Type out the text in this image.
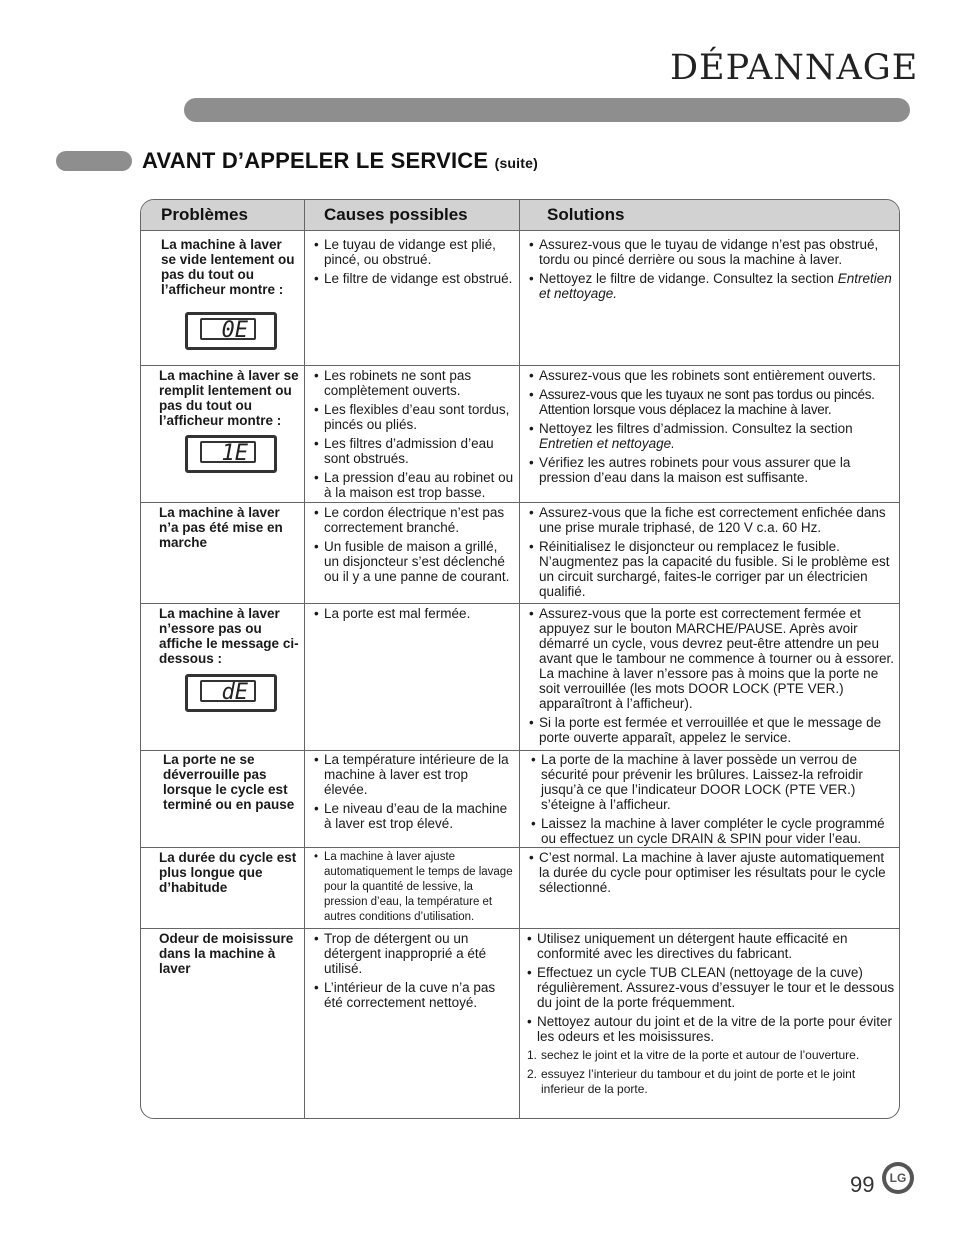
DÉPANNAGE
AVANT D’APPELER LE SERVICE (suite)
Problèmes	Causes possibles	Solutions
La machine à laver se vide lentement ou pas du tout ou l’afficheur montre :
0E
• Le tuyau de vidange est plié, pincé, ou obstrué.
• Le filtre de vidange est obstrué.
• Assurez-vous que le tuyau de vidange n’est pas obstrué, tordu ou pincé derrière ou sous la machine à laver.
• Nettoyez le filtre de vidange. Consultez la section Entretien et nettoyage.
La machine à laver se remplit lentement ou pas du tout ou l’afficheur montre :
1E
• Les robinets ne sont pas complètement ouverts.
• Les flexibles d’eau sont tordus, pincés ou pliés.
• Les filtres d’admission d’eau sont obstrués.
• La pression d’eau au robinet ou à la maison est trop basse.
• Assurez-vous que les robinets sont entièrement ouverts.
• Assurez-vous que les tuyaux ne sont pas tordus ou pincés. Attention lorsque vous déplacez la machine à laver.
• Nettoyez les filtres d’admission. Consultez la section Entretien et nettoyage.
• Vérifiez les autres robinets pour vous assurer que la pression d’eau dans la maison est suffisante.
La machine à laver n’a pas été mise en marche
• Le cordon électrique n’est pas correctement branché.
• Un fusible de maison a grillé, un disjoncteur s’est déclenché ou il y a une panne de courant.
• Assurez-vous que la fiche est correctement enfichée dans une prise murale triphasé, de 120 V c.a. 60 Hz.
• Réinitialisez le disjoncteur ou remplacez le fusible. N’augmentez pas la capacité du fusible. Si le problème est un circuit surchargé, faites-le corriger par un électricien qualifié.
La machine à laver n’essore pas ou affiche le message ci-dessous :
dE
• La porte est mal fermée.
•	Assurez-vous que la porte est correctement fermée et appuyez sur le bouton MARCHE/PAUSE. Après avoir démarré un cycle, vous devrez peut-être attendre un peu avant que le tambour ne commence à tourner ou à essorer. La machine à laver n’essore pas à moins que la porte ne soit verrouillée (les mots DOOR LOCK (PTE VER.) apparaîtront à l’afficheur).
• Si la porte est fermée et verrouillée et que le message de porte ouverte apparaît, appelez le service.
La porte ne se déverrouille pas lorsque le cycle est terminé ou en pause
• La température intérieure de la machine à laver est trop élevée.
• Le niveau d’eau de la machine à laver est trop élevé.
• La porte de la machine à laver possède un verrou de sécurité pour prévenir les brûlures. Laissez-la refroidir jusqu’à ce que l’indicateur DOOR LOCK (PTE VER.) s’éteigne à l’afficheur.
• Laissez la machine à laver compléter le cycle programmé ou effectuez un cycle DRAIN & SPIN pour vider l’eau.
La durée du cycle est plus longue que d’habitude
• La machine à laver ajuste automatiquement le temps de lavage pour la quantité de lessive, la pression d’eau, la température et autres conditions d’utilisation.
• C’est normal. La machine à laver ajuste automatiquement la durée du cycle pour optimiser les résultats pour le cycle sélectionné.
Odeur de moisissure dans la machine à laver
• Trop de détergent ou un détergent inapproprié a été utilisé.
• L’intérieur de la cuve n’a pas été correctement nettoyé.
• Utilisez uniquement un détergent haute efficacité en conformité avec les directives du fabricant.
• Effectuez un cycle TUB CLEAN (nettoyage de la cuve) régulièrement. Assurez-vous d’essuyer le tour et le dessous du joint de la porte fréquemment.
• Nettoyez autour du joint et de la vitre de la porte pour éviter les odeurs et les moisissures.
1. sechez le joint et la vitre de la porte et autour de l’ouverture.
2. essuyez l’interieur du tambour et du joint de porte et le joint inferieur de la porte.
99	LG
